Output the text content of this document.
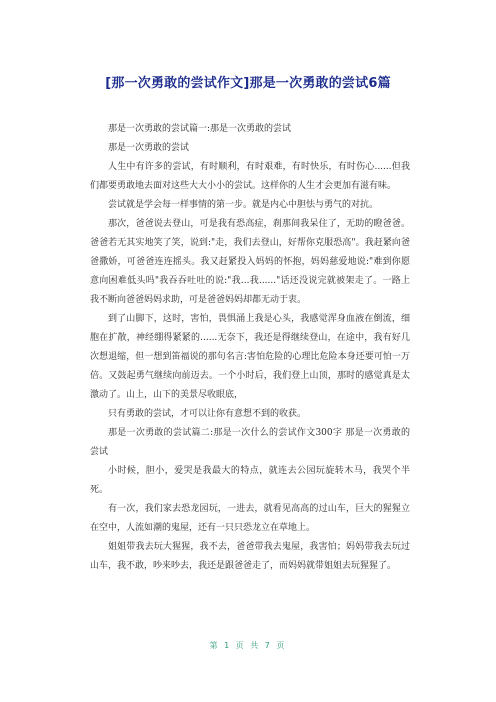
[那一次勇敢的尝试作文]那是一次勇敢的尝试6篇

那是一次勇敢的尝试篇一:那是一次勇敢的尝试

那是一次勇敢的尝试

人生中有许多的尝试，有时顺利，有时艰难，有时快乐，有时伤心......但我们都要勇敢地去面对这些大大小小的尝试。这样你的人生才会更加有滋有味。

尝试就是学会每一样事情的第一步。就是内心中胆怯与勇气的对抗。

那次，爸爸说去登山，可是我有恐高症，刹那间我呆住了，无助的瞪爸爸。爸爸若无其实地笑了笑，说到:"走，我们去登山，好帮你克服恐高"。我赶紧向爸爸撒娇，可爸爸连连摇头。我又赶紧投入妈妈的怀抱，妈妈慈爱地说:"难到你愿意向困难低头吗"我吞吞吐吐的说:"我...我......"话还没说完就被架走了。一路上我不断向爸爸妈妈求助，可是爸爸妈妈却都无动于衷。

到了山脚下，这时，害怕，畏惧涌上我是心头，我感觉浑身血液在倒流，细胞在扩散，神经绷得紧紧的......无奈下，我还是得继续登山，在途中，我有好几次想退缩，但一想到笛福说的那句名言:害怕危险的心理比危险本身还要可怕一万倍。又鼓起勇气继续向前迈去。一个小时后，我们登上山顶，那时的感觉真是太激动了。山上，山下的美景尽收眼底，

只有勇敢的尝试，才可以让你有意想不到的收获。

那是一次勇敢的尝试篇二:那是一次什么的尝试作文300字 那是一次勇敢的尝试

小时候，胆小，爱哭是我最大的特点，就连去公园玩旋转木马，我哭个半死。

有一次，我们家去恐龙园玩，一进去，就看见高高的过山车，巨大的猩猩立在空中，人流如潮的鬼屋，还有一只只恐龙立在草地上。

姐姐带我去玩大猩猩，我不去，爸爸带我去鬼屋，我害怕；妈妈带我去玩过山车，我不敢，吵来吵去，我还是跟爸爸走了，而妈妈就带姐姐去玩猩猩了。

第 1 页 共 7 页
